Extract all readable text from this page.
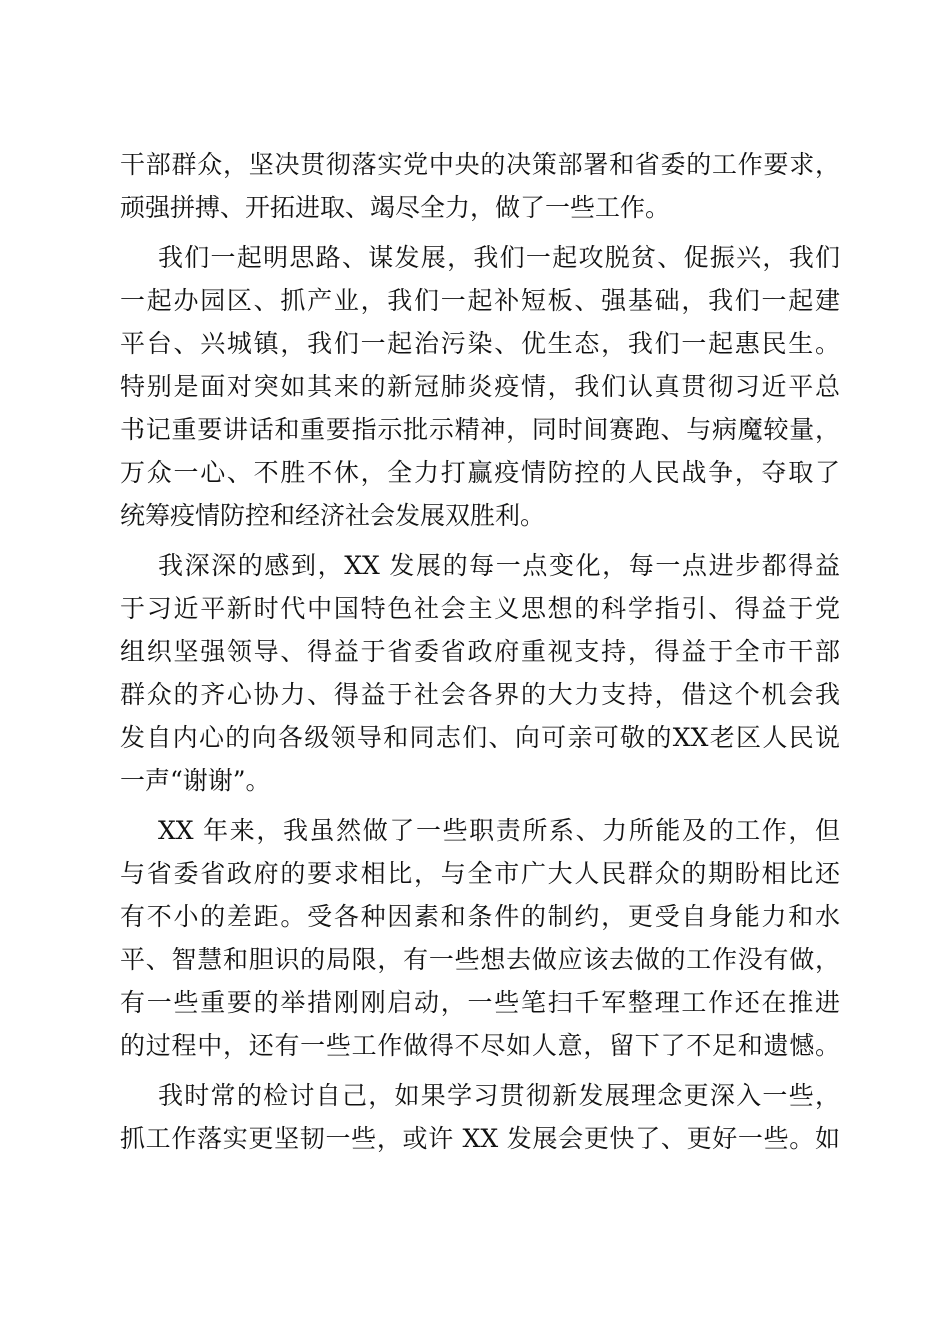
干部群众，坚决贯彻落实党中央的决策部署和省委的工作要求，
顽强拼搏、开拓进取、竭尽全力，做了一些工作。
我们一起明思路、谋发展，我们一起攻脱贫、促振兴，我们
一起办园区、抓产业，我们一起补短板、强基础，我们一起建
平台、兴城镇，我们一起治污染、优生态，我们一起惠民生。
特别是面对突如其来的新冠肺炎疫情，我们认真贯彻习近平总
书记重要讲话和重要指示批示精神，同时间赛跑、与病魔较量，
万众一心、不胜不休，全力打赢疫情防控的人民战争，夺取了
统筹疫情防控和经济社会发展双胜利。
我深深的感到，XX 发展的每一点变化，每一点进步都得益
于习近平新时代中国特色社会主义思想的科学指引、得益于党
组织坚强领导、得益于省委省政府重视支持，得益于全市干部
群众的齐心协力、得益于社会各界的大力支持，借这个机会我
发自内心的向各级领导和同志们、向可亲可敬的XX老区人民说
一声“谢谢”。
XX 年来，我虽然做了一些职责所系、力所能及的工作，但
与省委省政府的要求相比，与全市广大人民群众的期盼相比还
有不小的差距。受各种因素和条件的制约，更受自身能力和水
平、智慧和胆识的局限，有一些想去做应该去做的工作没有做，
有一些重要的举措刚刚启动，一些笔扫千军整理工作还在推进
的过程中，还有一些工作做得不尽如人意，留下了不足和遗憾。
我时常的检讨自己，如果学习贯彻新发展理念更深入一些，
抓工作落实更坚韧一些，或许 XX 发展会更快了、更好一些。如
